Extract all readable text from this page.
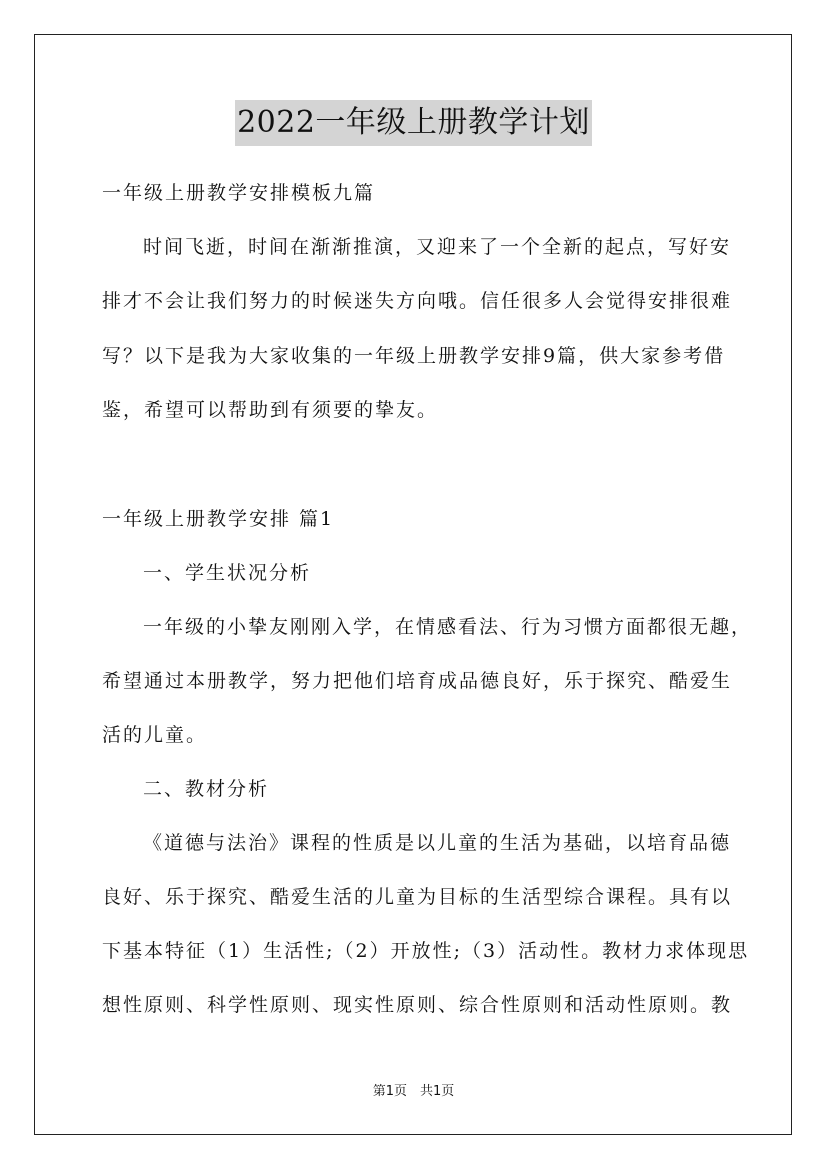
2022一年级上册教学计划
一年级上册教学安排模板九篇
时间飞逝，时间在渐渐推演，又迎来了一个全新的起点，写好安
排才不会让我们努力的时候迷失方向哦。信任很多人会觉得安排很难
写？以下是我为大家收集的一年级上册教学安排9篇，供大家参考借
鉴，希望可以帮助到有须要的挚友。
一年级上册教学安排 篇1
一、学生状况分析
一年级的小挚友刚刚入学，在情感看法、行为习惯方面都很无趣，
希望通过本册教学，努力把他们培育成品德良好，乐于探究、酷爱生
活的儿童。
二、教材分析
《道德与法治》课程的性质是以儿童的生活为基础，以培育品德
良好、乐于探究、酷爱生活的儿童为目标的生活型综合课程。具有以
下基本特征（1）生活性;（2）开放性;（3）活动性。教材力求体现思
想性原则、科学性原则、现实性原则、综合性原则和活动性原则。教
第1页　共1页
